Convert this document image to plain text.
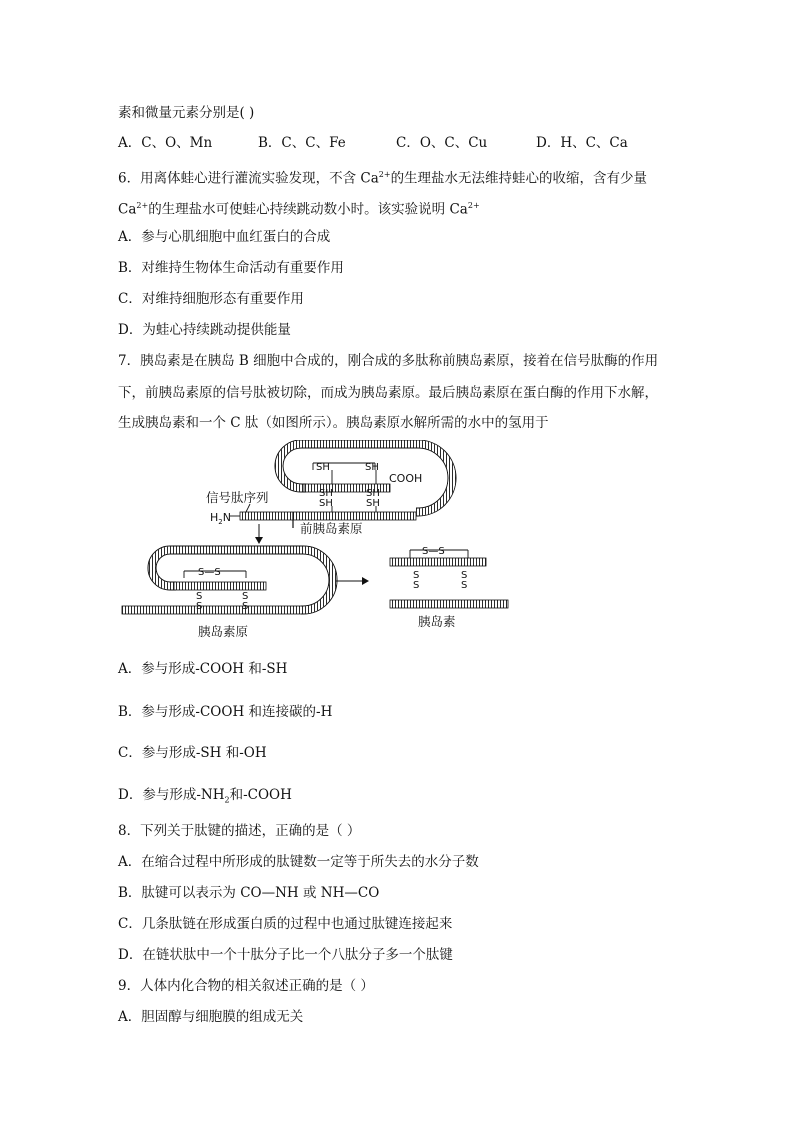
素和微量元素分别是( )
A．C、O、Mn	B．C、C、Fe	C．O、C、Cu	D．H、C、Ca
6．用离体蛙心进行灌流实验发现，不含 $Ca^{2+}$的生理盐水无法维持蛙心的收缩，含有少量
$Ca^{2+}$的生理盐水可使蛙心持续跳动数小时。该实验说明 $Ca^{2+}$
A．参与心肌细胞中血红蛋白的合成
B．对维持生物体生命活动有重要作用
C．对维持细胞形态有重要作用
D．为蛙心持续跳动提供能量
7．胰岛素是在胰岛 B 细胞中合成的，刚合成的多肽称前胰岛素原，接着在信号肽酶的作用
下，前胰岛素原的信号肽被切除，而成为胰岛素原。最后胰岛素原在蛋白酶的作用下水解，
生成胰岛素和一个 C 肽（如图所示）。胰岛素原水解所需的水中的氢用于
SH	SH
COOH
SH
SH
SH
SH
信号肽序列
$H_2N$
前胰岛素原
S—S
S
S
S
S
胰岛素原
S—S
S
S
S
S
胰岛素
A．参与形成-COOH 和-SH
B．参与形成-COOH 和连接碳的-H
C．参与形成-SH 和-OH
D．参与形成$-NH_2$和-COOH
8．下列关于肽键的描述，正确的是（ ）
A．在缩合过程中所形成的肽键数一定等于所失去的水分子数
B．肽键可以表示为 CO—NH 或 NH—CO
C．几条肽链在形成蛋白质的过程中也通过肽键连接起来
D．在链状肽中一个十肽分子比一个八肽分子多一个肽键
9．人体内化合物的相关叙述正确的是（ ）
A．胆固醇与细胞膜的组成无关
